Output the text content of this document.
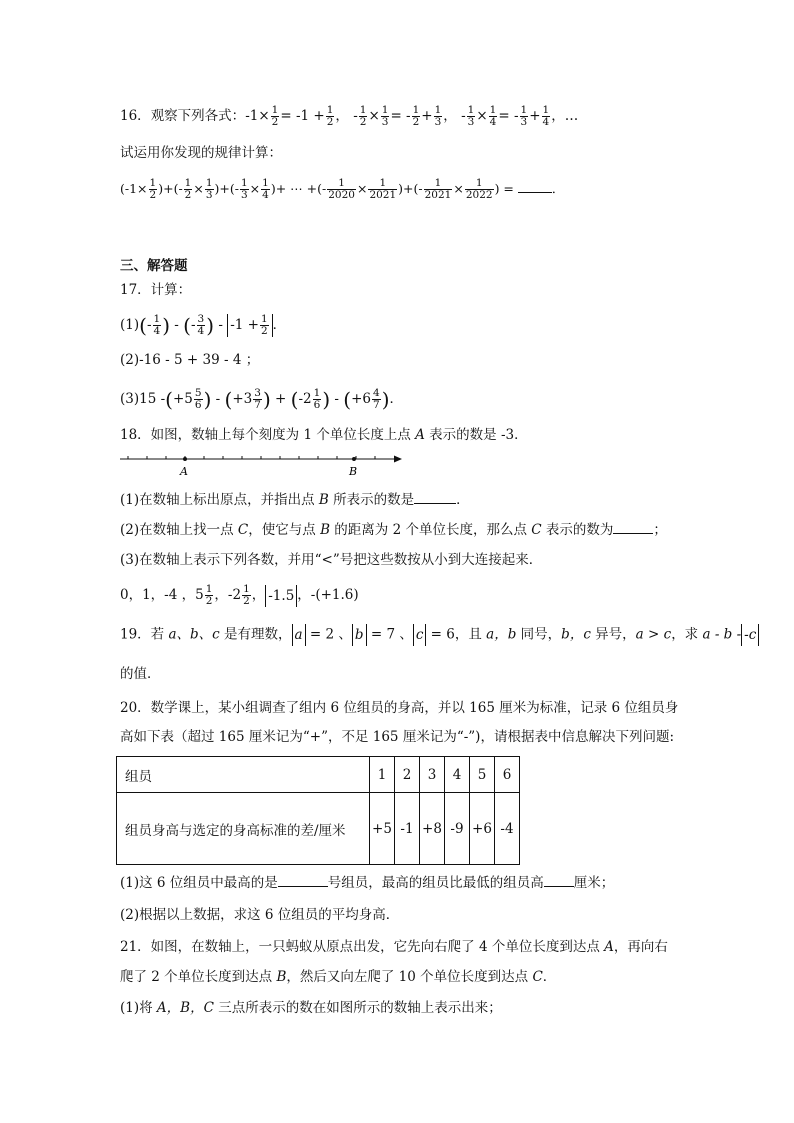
16．观察下列各式：$-1\times \frac{1}{2} = -1 + \frac{1}{2}$ ， - $\frac{1}{2} \times \frac{1}{3}$ = - $\frac{1}{2} + \frac{1}{3}$ ， - $\frac{1}{3} \times \frac{1}{4}$ = - $\frac{1}{3} + \frac{1}{4}$ ，…
试运用你发现的规律计算：
($-1\times \frac{1}{2}$ )+(- $\frac{1}{2} \times \frac{1}{3}$ )+(- $\frac{1}{3} \times \frac{1}{4}$ )+ ⋯ +(- $\frac{1}{2020} \times \frac{1}{2021}$ )+(- $\frac{1}{2021} \times \frac{1}{2022}$ ) =	．
三、解答题
17．计算：
$(1)(- \frac{1}{4}$ ) - (- $\frac{3}{4}$ ) - $-1 + \frac{1}{2}$ ．
(2)-16 - 5 + 39 - 4 ；
(3)15 $-(+5 \frac{5}{6}$ ) - ($+3 \frac{3}{7}$ ) + ($-2 \frac{1}{6}$ ) - ($+6 \frac{4}{7}$ )．
18．如图，数轴上每个刻度为 1 个单位长度上点 A 表示的数是 -3．
A	B
(1)在数轴上标出原点，并指出点 B 所表示的数是	．
(2)在数轴上找一点 C，使它与点 B 的距离为 2 个单位长度，那么点 C 表示的数为	；
(3)在数轴上表示下列各数，并用“<”号把这些数按从小到大连接起来．
0，1，-4 ，$5 \frac{1}{2}$ ，$-2 \frac{1}{2}$ ， -1.5 ，-(+1.6)
19．若 a、b、c 是有理数， a = 2 、 b = 7 、 c = 6，且 a，b 同号，b，c 异号，a > c，求 a - b - -c
的值．
20．数学课上，某小组调查了组内 6 位组员的身高，并以 165 厘米为标准，记录 6 位组员身
高如下表（超过 165 厘米记为“+”，不足 165 厘米记为“-”)，请根据表中信息解决下列问题:
组员	1	2	3	4	5	6
组员身高与选定的身高标准的差/厘米	+5	-1	+8	-9	+6	-4
(1)这 6 位组员中最高的是	号组员，最高的组员比最低的组员高 厘米；
(2)根据以上数据，求这 6 位组员的平均身高．
21．如图，在数轴上，一只蚂蚁从原点出发，它先向右爬了 4 个单位长度到达点 A，再向右
爬了 2 个单位长度到达点 B，然后又向左爬了 10 个单位长度到达点 C．
(1)将 A，B，C 三点所表示的数在如图所示的数轴上表示出来；
